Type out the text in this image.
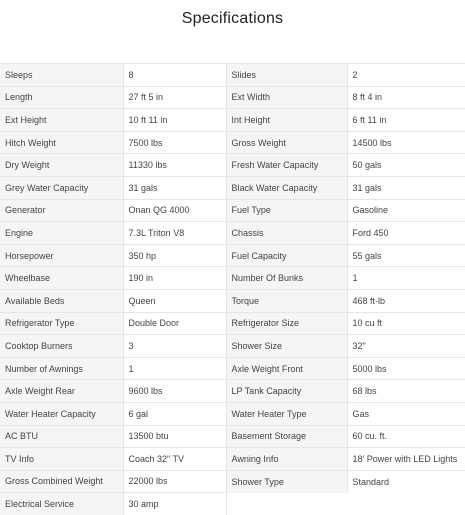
Specifications
Sleeps	8	Slides	2
Length	27 ft 5 in	Ext Width	8 ft 4 in
Ext Height	10 ft 11 in	Int Height	6 ft 11 in
Hitch Weight	7500 lbs	Gross Weight	14500 lbs
Dry Weight	11330 lbs	Fresh Water Capacity	50 gals
Grey Water Capacity	31 gals	Black Water Capacity	31 gals
Generator	Onan QG 4000	Fuel Type	Gasoline
Engine	7.3L Triton V8	Chassis	Ford 450
Horsepower	350 hp	Fuel Capacity	55 gals
Wheelbase	190 in	Number Of Bunks	1
Available Beds	Queen	Torque	468 ft-lb
Refrigerator Type	Double Door	Refrigerator Size	10 cu ft
Cooktop Burners	3	Shower Size	32"
Number of Awnings	1	Axle Weight Front	5000 lbs
Axle Weight Rear	9600 lbs	LP Tank Capacity	68 lbs
Water Heater Capacity	6 gal	Water Heater Type	Gas
AC BTU	13500 btu	Basement Storage	60 cu. ft.
TV Info	Coach 32" TV	Awning Info	18' Power with LED Lights
Gross Combined Weight	22000 lbs	Shower Type	Standard
Electrical Service	30 amp		
